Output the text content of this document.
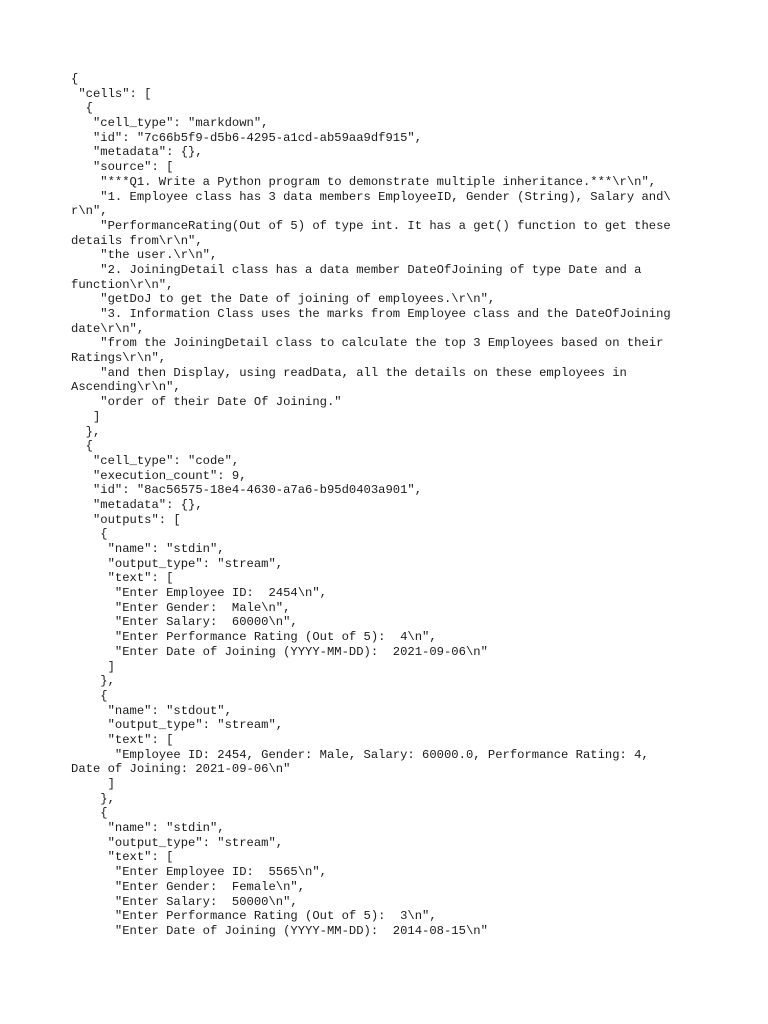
{
"cells": [
{
"cell_type": "markdown",
"id": "7c66b5f9-d5b6-4295-a1cd-ab59aa9df915",
"metadata": {},
"source": [
"***Q1. Write a Python program to demonstrate multiple inheritance.***\r\n",
"1. Employee class has 3 data members EmployeeID, Gender (String), Salary and\
r\n",
"PerformanceRating(Out of 5) of type int. It has a get() function to get these
details from\r\n",
"the user.\r\n",
"2. JoiningDetail class has a data member DateOfJoining of type Date and a
function\r\n",
"getDoJ to get the Date of joining of employees.\r\n",
"3. Information Class uses the marks from Employee class and the DateOfJoining
date\r\n",
"from the JoiningDetail class to calculate the top 3 Employees based on their
Ratings\r\n",
"and then Display, using readData, all the details on these employees in
Ascending\r\n",
"order of their Date Of Joining."
]
},
{
"cell_type": "code",
"execution_count": 9,
"id": "8ac56575-18e4-4630-a7a6-b95d0403a901",
"metadata": {},
"outputs": [
{
"name": "stdin",
"output_type": "stream",
"text": [
"Enter Employee ID:  2454\n",
"Enter Gender:  Male\n",
"Enter Salary:  60000\n",
"Enter Performance Rating (Out of 5):  4\n",
"Enter Date of Joining (YYYY-MM-DD):  2021-09-06\n"
]
},
{
"name": "stdout",
"output_type": "stream",
"text": [
"Employee ID: 2454, Gender: Male, Salary: 60000.0, Performance Rating: 4,
Date of Joining: 2021-09-06\n"
]
},
{
"name": "stdin",
"output_type": "stream",
"text": [
"Enter Employee ID:  5565\n",
"Enter Gender:  Female\n",
"Enter Salary:  50000\n",
"Enter Performance Rating (Out of 5):  3\n",
"Enter Date of Joining (YYYY-MM-DD):  2014-08-15\n"
